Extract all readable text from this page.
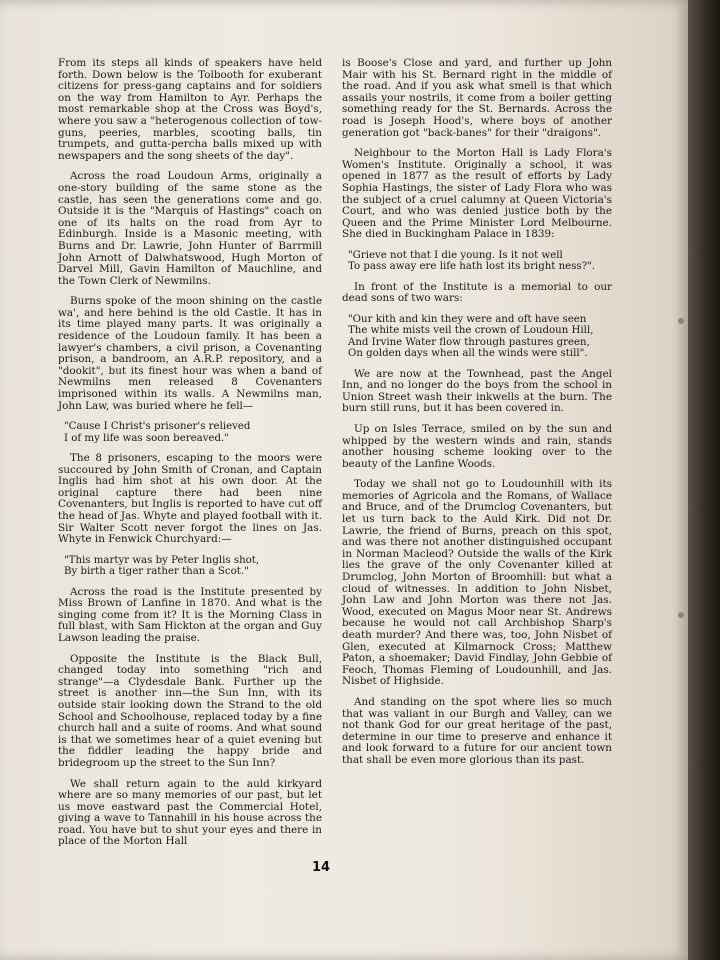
From its steps all kinds of speakers have held forth. Down below is the Tolbooth for exuberant citizens for press-gang captains and for soldiers on the way from Hamilton to Ayr. Perhaps the most remarkable shop at the Cross was Boyd's, where you saw a "heterogenous collection of tow-guns, peeries, marbles, scooting balls, tin trumpets, and gutta-percha balls mixed up with newspapers and the song sheets of the day".

Across the road Loudoun Arms, originally a one-story building of the same stone as the castle, has seen the generations come and go. Outside it is the "Marquis of Hastings" coach on one of its halts on the road from Ayr to Edinburgh. Inside is a Masonic meeting, with Burns and Dr. Lawrie, John Hunter of Barrmill John Arnott of Dalwhatswood, Hugh Morton of Darvel Mill, Gavin Hamilton of Mauchline, and the Town Clerk of Newmilns.

Burns spoke of the moon shining on the castle wa', and here behind is the old Castle. It has in its time played many parts. It was originally a residence of the Loudoun family. It has been a lawyer's chambers, a civil prison, a Covenanting prison, a bandroom, an A.R.P. repository, and a "dookit", but its finest hour was when a band of Newmilns men released 8 Covenanters imprisoned within its walls. A Newmilns man, John Law, was buried where he fell—

"Cause I Christ's prisoner's relieved
I of my life was soon bereaved."

The 8 prisoners, escaping to the moors were succoured by John Smith of Cronan, and Captain Inglis had him shot at his own door. At the original capture there had been nine Covenanters, but Inglis is reported to have cut off the head of Jas. Whyte and played football with it. Sir Walter Scott never forgot the lines on Jas. Whyte in Fenwick Churchyard:—

"This martyr was by Peter Inglis shot,
By birth a tiger rather than a Scot."

Across the road is the Institute presented by Miss Brown of Lanfine in 1870. And what is the singing come from it? It is the Morning Class in full blast, with Sam Hickton at the organ and Guy Lawson leading the praise.

Opposite the Institute is the Black Bull, changed today into something "rich and strange"—a Clydesdale Bank. Further up the street is another inn—the Sun Inn, with its outside stair looking down the Strand to the old School and Schoolhouse, replaced today by a fine church hall and a suite of rooms. And what sound is that we sometimes hear of a quiet evening but the fiddler leading the happy bride and bridegroom up the street to the Sun Inn?

We shall return again to the auld kirkyard where are so many memories of our past, but let us move eastward past the Commercial Hotel, giving a wave to Tannahill in his house across the road. You have but to shut your eyes and there in place of the Morton Hall

is Boose's Close and yard, and further up John Mair with his St. Bernard right in the middle of the road. And if you ask what smell is that which assails your nostrils, it come from a boiler getting something ready for the St. Bernards. Across the road is Joseph Hood's, where boys of another generation got "back-banes" for their "draigons".

Neighbour to the Morton Hall is Lady Flora's Women's Institute. Originally a school, it was opened in 1877 as the result of efforts by Lady Sophia Hastings, the sister of Lady Flora who was the subject of a cruel calumny at Queen Victoria's Court, and who was denied justice both by the Queen and the Prime Minister Lord Melbourne. She died in Buckingham Palace in 1839:

"Grieve not that I die young. Is it not well
To pass away ere life hath lost its bright ness?".

In front of the Institute is a memorial to our dead sons of two wars:

"Our kith and kin they were and oft have seen
The white mists veil the crown of Loudoun Hill,
And Irvine Water flow through pastures green,
On golden days when all the winds were still".

We are now at the Townhead, past the Angel Inn, and no longer do the boys from the school in Union Street wash their inkwells at the burn. The burn still runs, but it has been covered in.

Up on Isles Terrace, smiled on by the sun and whipped by the western winds and rain, stands another housing scheme looking over to the beauty of the Lanfine Woods.

Today we shall not go to Loudounhill with its memories of Agricola and the Romans, of Wallace and Bruce, and of the Drumclog Covenanters, but let us turn back to the Auld Kirk. Did not Dr. Lawrie, the friend of Burns, preach on this spot, and was there not another distinguished occupant in Norman Macleod? Outside the walls of the Kirk lies the grave of the only Covenanter killed at Drumclog, John Morton of Broomhill: but what a cloud of witnesses. In addition to John Nisbet, John Law and John Morton was there not Jas. Wood, executed on Magus Moor near St. Andrews because he would not call Archbishop Sharp's death murder? And there was, too, John Nisbet of Glen, executed at Kilmarnock Cross; Matthew Paton, a shoemaker; David Findlay, John Gebbie of Feoch, Thomas Fleming of Loudounhill, and Jas. Nisbet of Highside.

And standing on the spot where lies so much that was valiant in our Burgh and Valley, can we not thank God for our great heritage of the past, determine in our time to preserve and enhance it and look forward to a future for our ancient town that shall be even more glorious than its past.

14
